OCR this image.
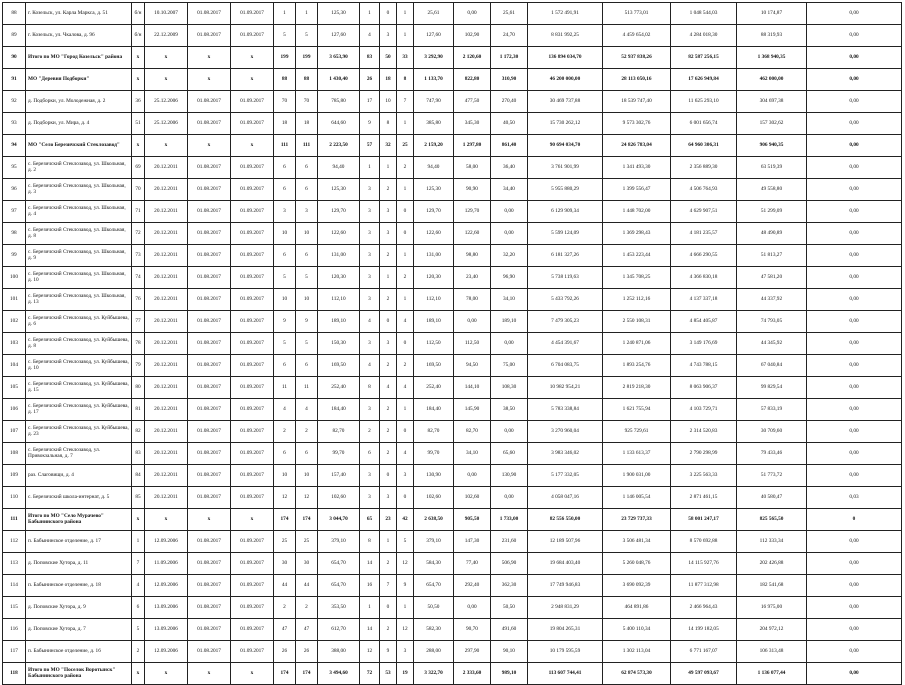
88	г. Козельск, ул. Карла Маркса, д. 51	б/н	10.10.2007	01.08.2017	01.09.2017	1	1	125,30	1	0	1	25,61	0,00	25,61	1 572 491,91	513 773,01	1 048 544,03	10 174,87	0,00
89	г. Козельск, ул. Чкалова, д. 96	б/н	22.12.2009	01.08.2017	01.09.2017	5	5	127,60	4	3	1	127,60	102,90	24,70	8 831 992,25	4 459 654,02	4 284 018,30	88 319,93	0,00
90	Итого по МО "Город Козельск" района	х	х	х	х	199	199	3 653,90	83	50	33	3 292,90	2 120,60	1 172,30	136 894 034,70	52 937 838,26	82 587 256,15	1 368 940,35	0,00
91	МО "Деревня Подборки"	х	х	х	х	88	88	1 430,40	26	18	8	1 133,70	822,80	310,90	46 200 000,00	28 113 050,16	17 626 949,84	462 000,00	0,00
92	д. Подборки, ул. Молодежная, д. 2	36	25.12.2006	01.08.2017	01.09.2017	70	70	785,80	17	10	7	747,90	477,50	270,40	30 469 737,88	18 539 747,40	11 625 293,10	304 697,38	0,00
93	д. Подборки, ул. Мира, д. 4	51	25.12.2006	01.08.2017	01.09.2017	18	18	644,60	9	8	1	385,80	345,30	40,50	15 730 262,12	9 573 302,76	6 001 656,74	157 302,62	0,00
94	МО "Село Березичский Стеклозавод"	х	х	х	х	111	111	2 223,50	57	32	25	2 159,20	1 297,80	861,40	90 694 034,70	24 826 783,04	64 960 306,31	906 940,35	0,00
95	с. Березичский Стеклозавод, ул. Школьная, д. 2	69	20.12.2011	01.08.2017	01.09.2017	6	6	94,40	1	1	2	94,40	58,00	36,40	3 761 901,99	1 341 493,30	2 356 889,30	63 519,39	0,00
96	с. Березичский Стеклозавод, ул. Школьная, д. 3	70	20.12.2011	01.08.2017	01.09.2017	6	6	125,30	3	2	1	125,30	90,90	34,40	5 955 880,29	1 399 556,47	4 506 764,93	49 558,80	0,00
97	с. Березичский Стеклозавод, ул. Школьная, д. 4	71	20.12.2011	01.08.2017	01.09.2017	3	3	129,70	3	3	0	129,70	129,70	0,00	6 129 909,34	1 448 702,00	4 629 907,51	51 299,09	0,00
98	с. Березичский Стеклозавод, ул. Школьная, д. 8	72	20.12.2011	01.08.2017	01.09.2017	10	10	122,60	3	3	0	122,60	122,60	0,00	5 599 124,09	1 369 298,43	4 181 235,57	48 490,89	0,00
99	с. Березичский Стеклозавод, ул. Школьная, д. 9	73	20.12.2011	01.08.2017	01.09.2017	6	6	131,00	3	2	1	131,00	98,80	32,20	6 181 327,26	1 453 223,44	4 666 290,55	51 813,27	0,00
100	с. Березичский Стеклозавод, ул. Школьная, д. 10	74	20.12.2011	01.08.2017	01.09.2017	5	5	120,30	3	1	2	120,30	23,40	96,90	5 738 119,63	1 345 708,25	4 366 830,18	47 581,20	0,00
101	с. Березичский Стеклозавод, ул. Школьная, д. 13	76	20.12.2011	01.08.2017	01.09.2017	10	10	112,10	3	2	1	112,10	78,00	34,10	5 433 792,26	1 252 112,16	4 137 337,18	44 337,92	0,00
102	с. Березичский Стеклозавод, ул. Куйбышева, д. 6	77	20.12.2011	01.08.2017	01.09.2017	9	9	189,10	4	0	4	189,10	0,00	189,10	7 479 305,23	2 550 108,31	4 854 405,87	74 793,05	0,00
103	с. Березичский Стеклозавод, ул. Куйбышева, д. 8	78	20.12.2011	01.08.2017	01.09.2017	5	5	150,30	3	3	0	112,50	112,50	0,00	4 454 391,67	1 240 871,06	3 149 176,69	44 345,92	0,00
104	с. Березичский Стеклозавод, ул. Куйбышева, д. 10	79	20.12.2011	01.08.2017	01.09.2017	6	6	169,50	4	2	2	169,50	94,50	75,00	6 704 083,75	1 893 254,76	4 743 788,15	67 040,84	0,00
105	с. Березичский Стеклозавод, ул. Куйбышева, д. 15	80	20.12.2011	01.08.2017	01.09.2017	11	11	252,40	8	4	4	252,40	144,10	108,30	10 982 954,21	2 819 218,30	8 063 906,37	99 829,54	0,00
106	с. Березичский Стеклозавод, ул. Куйбышева, д. 17	81	20.12.2011	01.08.2017	01.09.2017	4	4	184,40	3	2	1	184,40	145,90	38,50	5 783 338,84	1 621 755,94	4 103 729,71	57 833,19	0,00
107	с. Березичский Стеклозавод, ул. Куйбышева, д. 23	82	20.12.2011	01.08.2017	01.09.2017	2	2	82,70	2	2	0	82,70	82,70	0,00	3 270 960,04	925 729,61	2 314 520,83	30 709,60	0,00
108	с. Березичский Стеклозавод, ул. Привокзальная, д. 7	83	20.12.2011	01.08.2017	01.09.2017	6	6	99,70	6	2	4	99,70	34,10	65,60	3 983 346,02	1 133 613,37	2 790 298,99	79 433,46	0,00
109	раз. Слаговищи, д. 4	84	20.12.2011	01.08.2017	01.09.2017	10	10	157,40	3	0	3	130,90	0,00	130,90	5 177 332,05	1 900 031,00	3 225 563,33	51 773,72	0,00
110	с. Березичский школа-интернат, д. 5	85	20.12.2011	01.08.2017	01.09.2017	12	12	102,60	3	3	0	102,60	102,60	0,00	4 058 047,16	1 146 005,54	2 871 461,15	40 580,47	0,03
111	Итого по МО "Село Мурачево" Бабынинского района	х	х	х	х	174	174	3 044,70	65	23	42	2 638,50	905,50	1 733,00	82 556 550,00	23 729 737,33	58 001 247,17	825 565,50	0
112	п. Бабынинское отделение, д. 17	1	12.09.2006	01.08.2017	01.09.2017	25	25	379,10	8	1	5	379,10	147,30	231,60	12 189 507,96	3 506 481,34	8 570 692,88	112 333,34	0,00
113	д. Поповские Хутора, д. 11	7	11.09.2006	01.08.2017	01.09.2017	30	30	654,70	14	2	12	584,30	77,40	506,90	19 684 403,40	5 260 048,76	14 115 927,76	202 426,88	0,00
114	п. Бабынинское отделение, д. 18	4	12.09.2006	01.08.2017	01.09.2017	44	44	654,70	16	7	9	654,70	292,40	362,30	17 749 946,83	3 690 092,39	11 877 312,98	182 541,68	0,00
115	д. Поповские Хутора, д. 9	6	13.09.2006	01.08.2017	01.09.2017	2	2	353,50	1	0	1	50,50	0,00	50,50	2 948 831,29	464 891,86	2 466 964,43	16 975,00	0,00
116	д. Поповские Хутора, д. 7	5	13.09.2006	01.08.2017	01.09.2017	47	47	612,70	14	2	12	582,30	90,70	491,60	19 804 265,31	5 400 110,34	14 199 182,05	204 972,12	0,00
117	п. Бабынинское отделение, д. 16	2	12.09.2006	01.08.2017	01.09.2017	26	26	388,00	12	9	3	288,00	297,90	90,10	10 179 595,59	1 302 113,04	6 771 167,07	106 313,48	0,00
118	Итого по МО "Поселок Воротынск" Бабынинского района	х	х	х	х	174	174	3 494,60	72	53	19	3 322,70	2 333,60	989,10	113 607 744,41	62 874 573,30	49 597 093,67	1 136 077,44	0,00
